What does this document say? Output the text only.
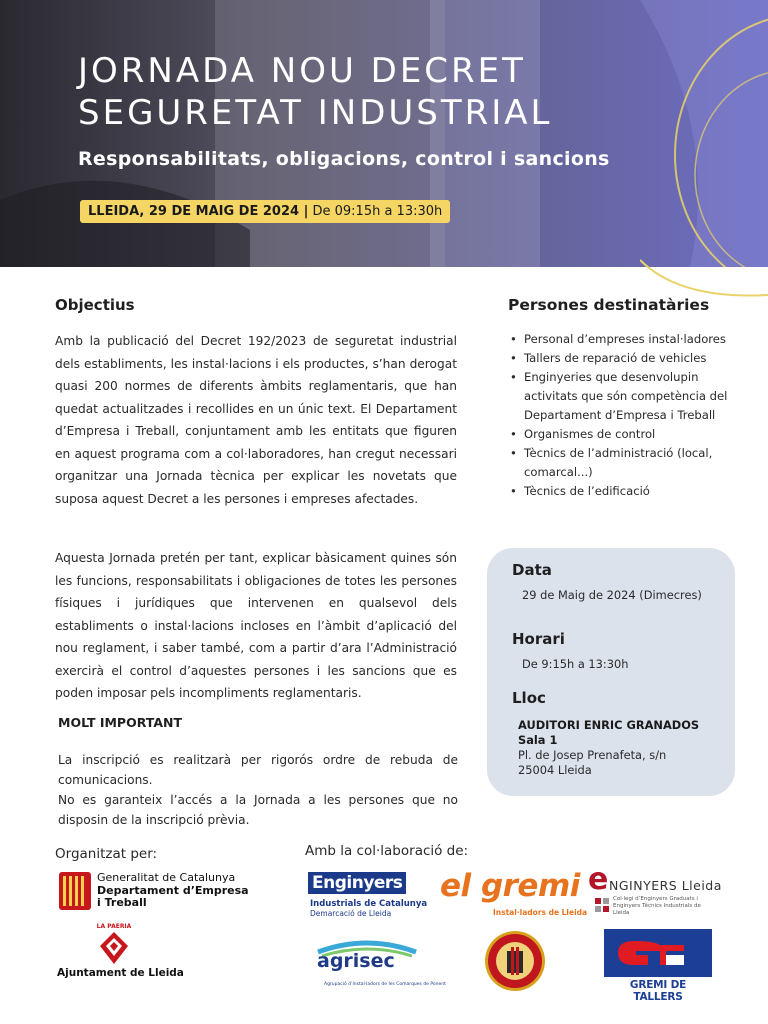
JORNADA NOU DECRET
SEGURETAT INDUSTRIAL
Responsabilitats, obligacions, control i sancions
LLEIDA, 29 DE MAIG DE 2024 | De 09:15h a 13:30h
Objectius
Amb la publicació del Decret 192/2023 de seguretat industrial dels establiments, les instal·lacions i els productes, s’han derogat quasi 200 normes de diferents àmbits reglamentaris, que han quedat actualitzades i recollides en un únic text. El Departament d’Empresa i Treball, conjuntament amb les entitats que figuren en aquest programa com a col·laboradores, han cregut necessari organitzar una Jornada tècnica per explicar les novetats que suposa aquest Decret a les persones i empreses afectades.
Aquesta Jornada pretén per tant, explicar bàsicament quines són les funcions, responsabilitats i obligaciones de totes les persones físiques i jurídiques que intervenen en qualsevol dels establiments o instal·lacions incloses en l’àmbit d’aplicació del nou reglament, i saber també, com a partir d’ara l’Administració exercirà el control d’aquestes persones i les sancions que es poden imposar pels incompliments reglamentaris.
MOLT IMPORTANT
La inscripció es realitzarà per rigorós ordre de rebuda de comunicacions.
No es garanteix l’accés a la Jornada a les persones que no disposin de la inscripció prèvia.
Persones destinatàries
• Personal d’empreses instal·ladores
• Tallers de reparació de vehicles
• Enginyeries que desenvolupin activitats que són competència del Departament d’Empresa i Treball
• Organismes de control
• Tècnics de l’administració (local, comarcal...)
• Tècnics de l’edificació
Data
29 de Maig de 2024 (Dimecres)
Horari
De 9:15h a 13:30h
Lloc
AUDITORI ENRIC GRANADOS
Sala 1
Pl. de Josep Prenafeta, s/n
25004 Lleida
Organitzat per:	Amb la col·laboració de:
Generalitat de Catalunya
Departament d’Empresa
i Treball
LA PAERIA
Ajuntament de Lleida
Enginyers
Industrials de Catalunya
Demarcació de Lleida
el gremi
Instal·ladors de Lleida
e NGINYERS Lleida
Col·legi d’Enginyers Graduats i Enginyers Tècnics Industrials de Lleida
agrisec
Agrupació d’Instal·ladors de les Comarques de Ponent	GREMI DE TALLERS
